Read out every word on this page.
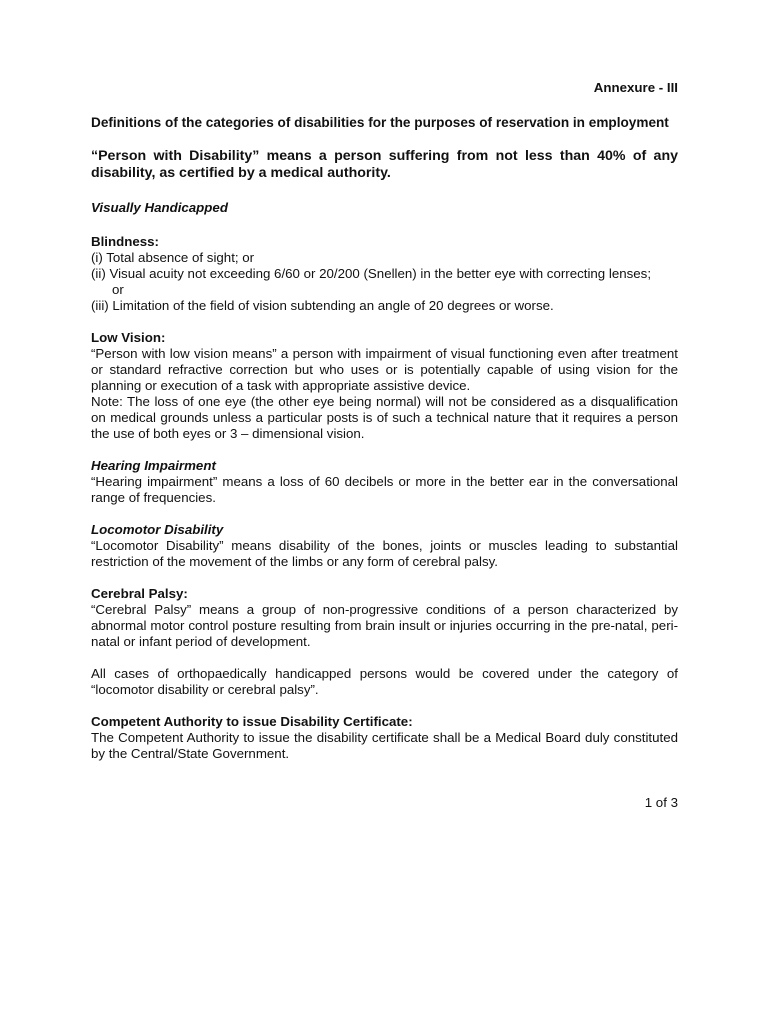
Annexure - III

Definitions of the categories of disabilities for the purposes of reservation in employment

“Person with Disability” means a person suffering from not less than 40% of any disability, as certified by a medical authority.

Visually Handicapped

Blindness:

(i) Total absence of sight; or

(ii) Visual acuity not exceeding 6/60 or 20/200 (Snellen) in the better eye with correcting lenses;

or

(iii) Limitation of the field of vision subtending an angle of 20 degrees or worse.

Low Vision:

“Person with low vision means” a person with impairment of visual functioning even after treatment or standard refractive correction but who uses or is potentially capable of using vision for the planning or execution of a task with appropriate assistive device.

Note: The loss of one eye (the other eye being normal) will not be considered as a disqualification on medical grounds unless a particular posts is of such a technical nature that it requires a person the use of both eyes or 3 – dimensional vision.

Hearing Impairment

“Hearing impairment” means a loss of 60 decibels or more in the better ear in the conversational range of frequencies.

Locomotor Disability

“Locomotor Disability” means disability of the bones, joints or muscles leading to substantial restriction of the movement of the limbs or any form of cerebral palsy.

Cerebral Palsy:

“Cerebral Palsy” means a group of non-progressive conditions of a person characterized by abnormal motor control posture resulting from brain insult or injuries occurring in the pre-natal, peri-natal or infant period of development.

All cases of orthopaedically handicapped persons would be covered under the category of “locomotor disability or cerebral palsy”.

Competent Authority to issue Disability Certificate:

The Competent Authority to issue the disability certificate shall be a Medical Board duly constituted by the Central/State Government.

1 of 3
